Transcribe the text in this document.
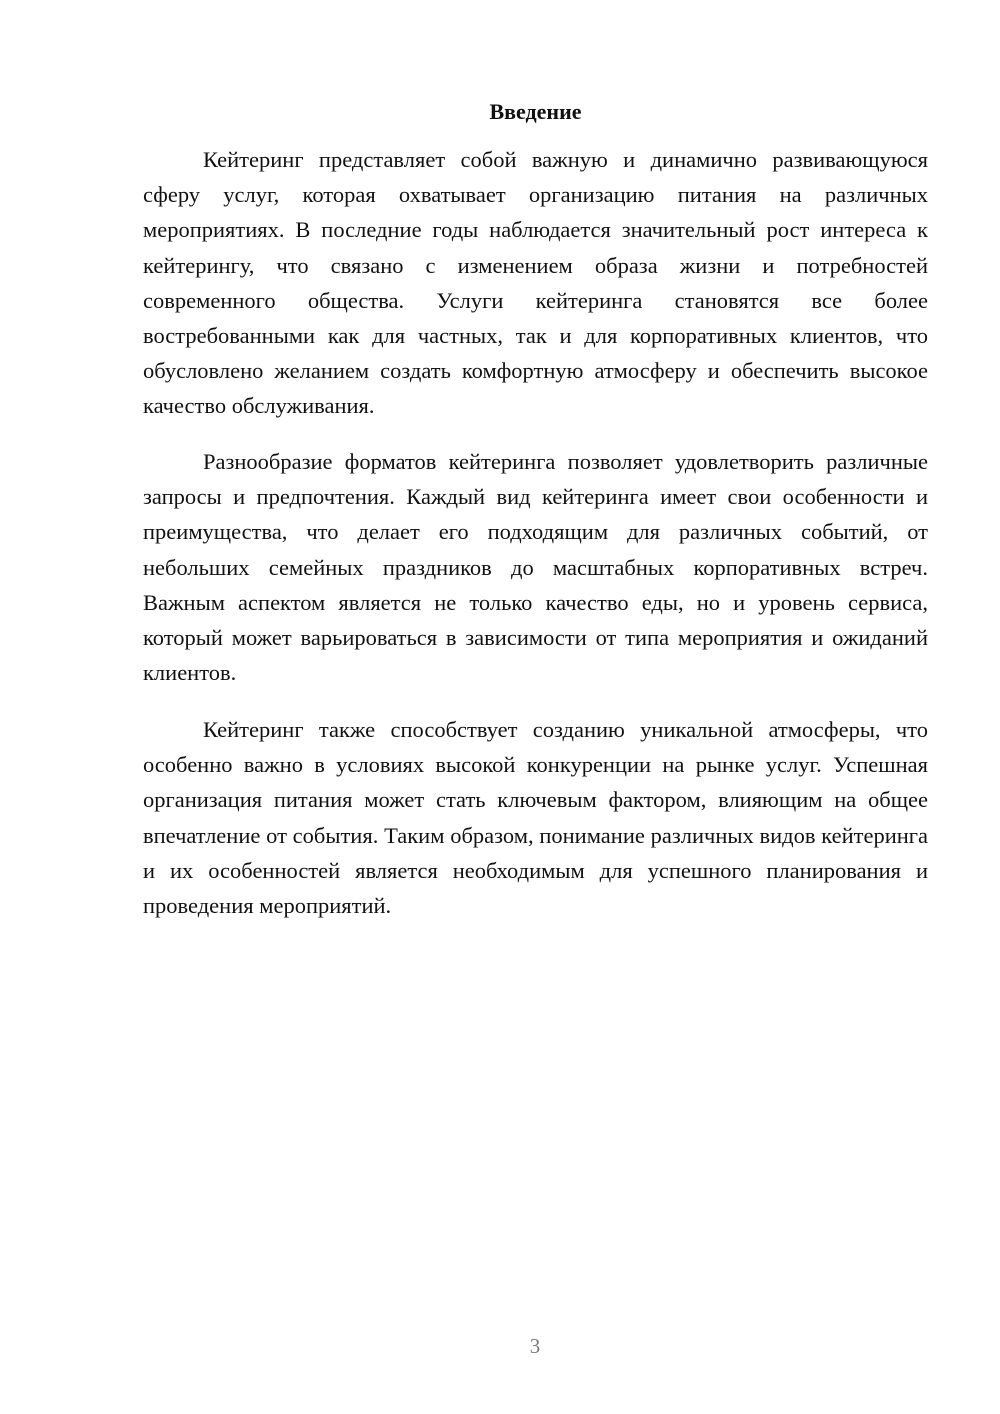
Введение

Кейтеринг представляет собой важную и динамично развивающуюся сферу услуг, которая охватывает организацию питания на различных мероприятиях. В последние годы наблюдается значительный рост интереса к кейтерингу, что связано с изменением образа жизни и потребностей современного общества. Услуги кейтеринга становятся все более востребованными как для частных, так и для корпоративных клиентов, что обусловлено желанием создать комфортную атмосферу и обеспечить высокое качество обслуживания.

Разнообразие форматов кейтеринга позволяет удовлетворить различные запросы и предпочтения. Каждый вид кейтеринга имеет свои особенности и преимущества, что делает его подходящим для различных событий, от небольших семейных праздников до масштабных корпоративных встреч. Важным аспектом является не только качество еды, но и уровень сервиса, который может варьироваться в зависимости от типа мероприятия и ожиданий клиентов.

Кейтеринг также способствует созданию уникальной атмосферы, что особенно важно в условиях высокой конкуренции на рынке услуг. Успешная организация питания может стать ключевым фактором, влияющим на общее впечатление от события. Таким образом, понимание различных видов кейтеринга и их особенностей является необходимым для успешного планирования и проведения мероприятий.

3
